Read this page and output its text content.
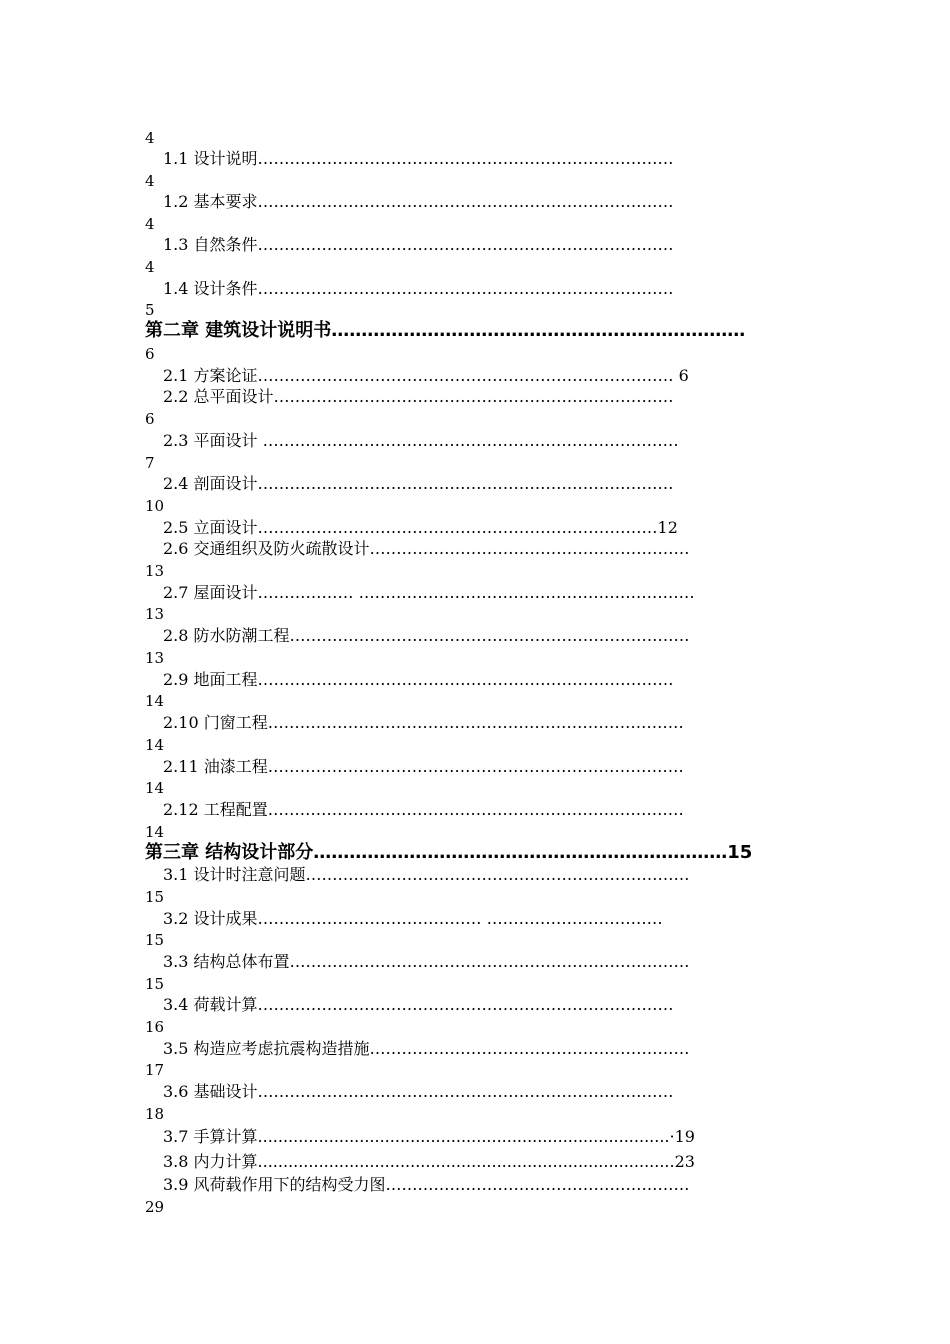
4
1.1 设计说明……………………………………………………………………
4
1.2 基本要求……………………………………………………………………
4
1.3 自然条件……………………………………………………………………
4
1.4 设计条件……………………………………………………………………
5
第二章 建筑设计说明书……………………………………………………………
6
2.1 方案论证…………………………………………………………………… 6
2.2 总平面设计…………………………………………………………………
6
2.3 平面设计 ……………………………………………………………………
7
2.4 剖面设计……………………………………………………………………
10
2.5 立面设计…………………………………………………………………12
2.6 交通组织及防火疏散设计……………………………………………………
13
2.7 屋面设计……………… ………………………………………………………
13
2.8 防水防潮工程…………………………………………………………………
13
2.9 地面工程……………………………………………………………………
14
2.10 门窗工程……………………………………………………………………
14
2.11 油漆工程……………………………………………………………………
14
2.12 工程配置……………………………………………………………………
14
第三章 结构设计部分……………………………………………………………15
3.1 设计时注意问题………………………………………………………………
15
3.2 设计成果…………………………………… ……………………………
15
3.3 结构总体布置…………………………………………………………………
15
3.4 荷载计算……………………………………………………………………
16
3.5 构造应考虑抗震构造措施……………………………………………………
17
3.6 基础设计……………………………………………………………………
18
3.7 手算计算.................................................................................·19
3.8 内力计算..................................................................................23
3.9 风荷载作用下的结构受力图…………………………………………………
29
